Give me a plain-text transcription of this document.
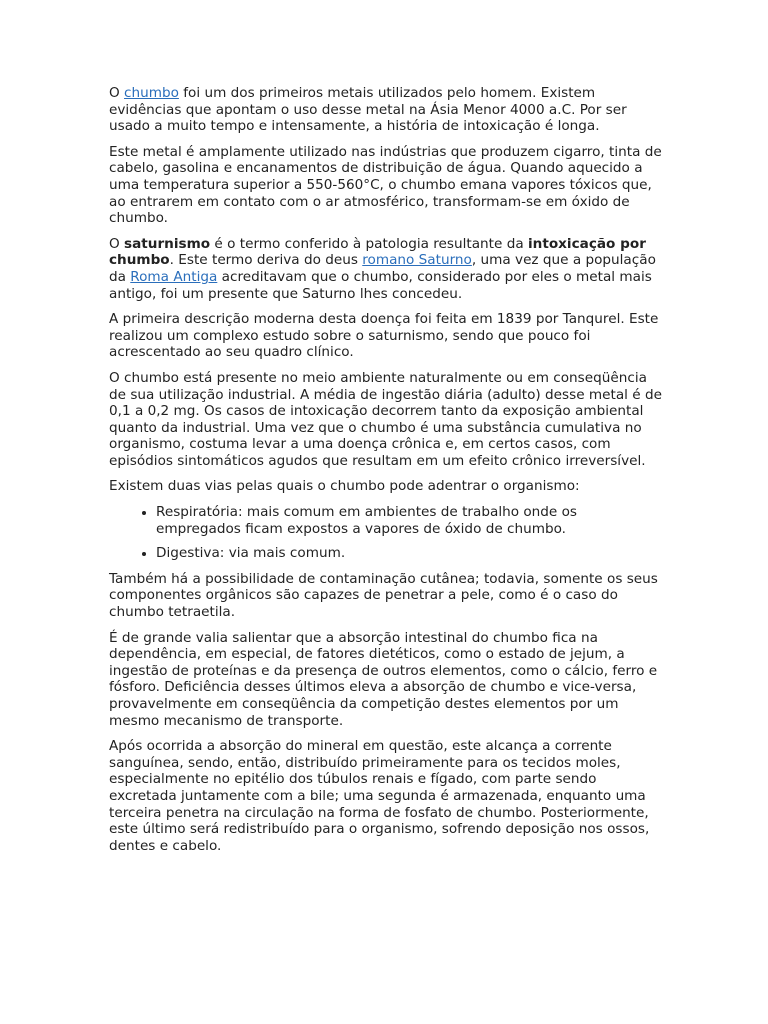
O chumbo foi um dos primeiros metais utilizados pelo homem. Existem evidências que apontam o uso desse metal na Ásia Menor 4000 a.C. Por ser usado a muito tempo e intensamente, a história de intoxicação é longa.

Este metal é amplamente utilizado nas indústrias que produzem cigarro, tinta de cabelo, gasolina e encanamentos de distribuição de água. Quando aquecido a uma temperatura superior a 550-560°C, o chumbo emana vapores tóxicos que, ao entrarem em contato com o ar atmosférico, transformam-se em óxido de chumbo.

O saturnismo é o termo conferido à patologia resultante da intoxicação por chumbo. Este termo deriva do deus romano Saturno, uma vez que a população da Roma Antiga acreditavam que o chumbo, considerado por eles o metal mais antigo, foi um presente que Saturno lhes concedeu.

A primeira descrição moderna desta doença foi feita em 1839 por Tanqurel. Este realizou um complexo estudo sobre o saturnismo, sendo que pouco foi acrescentado ao seu quadro clínico.

O chumbo está presente no meio ambiente naturalmente ou em conseqüência de sua utilização industrial. A média de ingestão diária (adulto) desse metal é de 0,1 a 0,2 mg. Os casos de intoxicação decorrem tanto da exposição ambiental quanto da industrial. Uma vez que o chumbo é uma substância cumulativa no organismo, costuma levar a uma doença crônica e, em certos casos, com episódios sintomáticos agudos que resultam em um efeito crônico irreversível.

Existem duas vias pelas quais o chumbo pode adentrar o organismo:

• Respiratória: mais comum em ambientes de trabalho onde os empregados ficam expostos a vapores de óxido de chumbo.
• Digestiva: via mais comum.

Também há a possibilidade de contaminação cutânea; todavia, somente os seus componentes orgânicos são capazes de penetrar a pele, como é o caso do chumbo tetraetila.

É de grande valia salientar que a absorção intestinal do chumbo fica na dependência, em especial, de fatores dietéticos, como o estado de jejum, a ingestão de proteínas e da presença de outros elementos, como o cálcio, ferro e fósforo. Deficiência desses últimos eleva a absorção de chumbo e vice-versa, provavelmente em conseqüência da competição destes elementos por um mesmo mecanismo de transporte.

Após ocorrida a absorção do mineral em questão, este alcança a corrente sanguínea, sendo, então, distribuído primeiramente para os tecidos moles, especialmente no epitélio dos túbulos renais e fígado, com parte sendo excretada juntamente com a bile; uma segunda é armazenada, enquanto uma terceira penetra na circulação na forma de fosfato de chumbo. Posteriormente, este último será redistribuído para o organismo, sofrendo deposição nos ossos, dentes e cabelo.
